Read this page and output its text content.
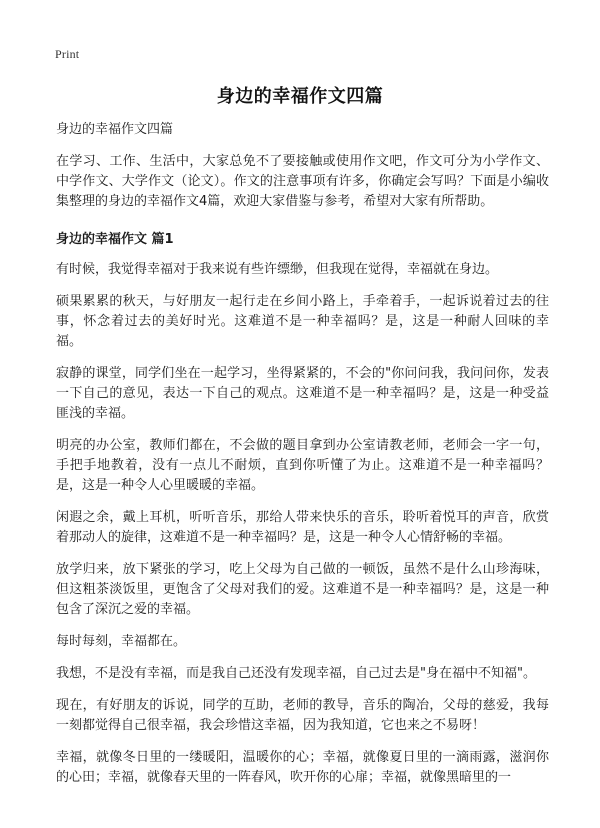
Print
身边的幸福作文四篇

身边的幸福作文四篇

在学习、工作、生活中，大家总免不了要接触或使用作文吧，作文可分为小学作文、中学作文、大学作文（论文）。作文的注意事项有许多，你确定会写吗？下面是小编收集整理的身边的幸福作文4篇，欢迎大家借鉴与参考，希望对大家有所帮助。

身边的幸福作文 篇1

有时候，我觉得幸福对于我来说有些许缥缈，但我现在觉得，幸福就在身边。

硕果累累的秋天，与好朋友一起行走在乡间小路上，手牵着手，一起诉说着过去的往事，怀念着过去的美好时光。这难道不是一种幸福吗？是，这是一种耐人回味的幸福。

寂静的课堂，同学们坐在一起学习，坐得紧紧的，不会的"你问问我，我问问你，发表一下自己的意见，表达一下自己的观点。这难道不是一种幸福吗？是，这是一种受益匪浅的幸福。

明亮的办公室，教师们都在，不会做的题目拿到办公室请教老师，老师会一字一句，手把手地教着，没有一点儿不耐烦，直到你听懂了为止。这难道不是一种幸福吗？是，这是一种令人心里暖暖的幸福。

闲遐之余，戴上耳机，听听音乐，那给人带来快乐的音乐，聆听着悦耳的声音，欣赏着那动人的旋律，这难道不是一种幸福吗？是，这是一种令人心情舒畅的幸福。

放学归来，放下紧张的学习，吃上父母为自己做的一顿饭，虽然不是什么山珍海味，但这粗茶淡饭里，更饱含了父母对我们的爱。这难道不是一种幸福吗？是，这是一种包含了深沉之爱的幸福。

每时每刻，幸福都在。

我想，不是没有幸福，而是我自己还没有发现幸福，自己过去是"身在福中不知福"。

现在，有好朋友的诉说，同学的互助，老师的教导，音乐的陶冶，父母的慈爱，我每一刻都觉得自己很幸福，我会珍惜这幸福，因为我知道，它也来之不易呀！

幸福，就像冬日里的一缕暖阳，温暖你的心；幸福，就像夏日里的一滴雨露，滋润你的心田；幸福，就像春天里的一阵春风，吹开你的心扉；幸福，就像黑暗里的一
